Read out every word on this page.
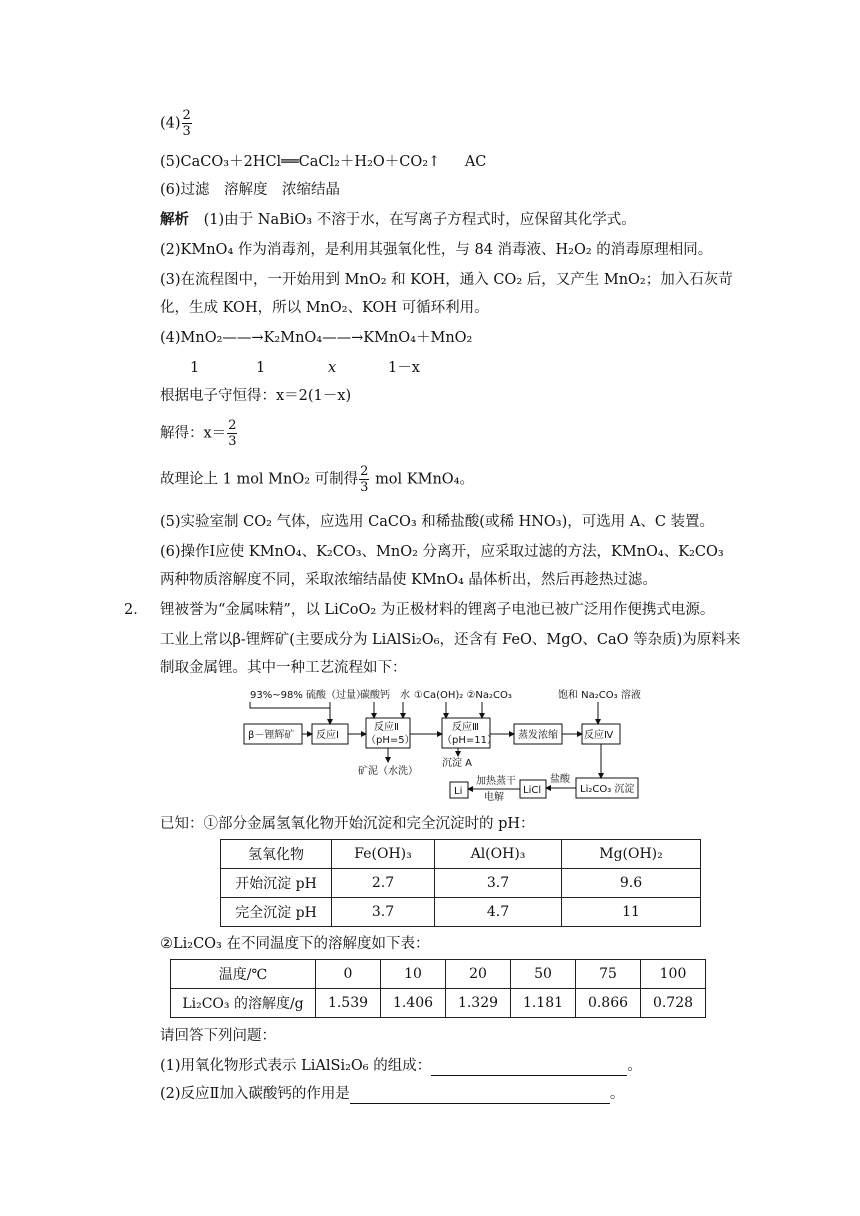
$(4) \frac{2}{3}$
(5)CaCO₃＋2HCl══CaCl₂＋H₂O＋CO₂↑ AC
(6)过滤　溶解度　浓缩结晶
解析 (1)由于 NaBiO₃ 不溶于水，在写离子方程式时，应保留其化学式。
(2)KMnO₄ 作为消毒剂，是利用其强氧化性，与 84 消毒液、H₂O₂ 的消毒原理相同。
(3)在流程图中，一开始用到 MnO₂ 和 KOH，通入 CO₂ 后，又产生 MnO₂；加入石灰苛
化，生成 KOH，所以 MnO₂、KOH 可循环利用。
(4)MnO₂——→K₂MnO₄——→KMnO₄＋MnO₂
1	1	x	1－x
根据电子守恒得：x＝2(1－x)
解得：$x= \frac{2}{3}$
故理论上 1 mol MnO₂ 可制得 $\frac{2}{3}$ mol KMnO₄。
(5)实验室制 CO₂ 气体，应选用 CaCO₃ 和稀盐酸(或稀 HNO₃)，可选用 A、C 装置。
(6)操作Ⅰ应使 KMnO₄、K₂CO₃、MnO₂ 分离开，应采取过滤的方法，KMnO₄、K₂CO₃
两种物质溶解度不同，采取浓缩结晶使 KMnO₄ 晶体析出，然后再趁热过滤。
2． 锂被誉为“金属味精”，以 LiCoO₂ 为正极材料的锂离子电池已被广泛用作便携式电源。
工业上常以β-锂辉矿(主要成分为 LiAlSi₂O₆，还含有 FeO、MgO、CaO 等杂质)为原料来
制取金属锂。其中一种工艺流程如下：
93%~98% 硫酸（过量）
碳酸钙 水 ①Ca(OH)₂ ②Na₂CO₃	饱和 Na₂CO₃ 溶液
β－锂辉矿 反应Ⅰ
反应Ⅱ
（pH=5）
反应Ⅲ
（pH=11） 蒸发浓缩	反应Ⅳ
矿泥（水洗）
沉淀 A
Li₂CO₃ 沉淀
盐酸
LiCl
加热蒸干
电解
Li
已知：①部分金属氢氧化物开始沉淀和完全沉淀时的 pH：
氢氧化物	Fe(OH)₃	Al(OH)₃	Mg(OH)₂
开始沉淀 pH	2.7	3.7	9.6
完全沉淀 pH	3.7	4.7	11
②Li₂CO₃ 在不同温度下的溶解度如下表：
温度/℃	0	10	20	50	75	100
Li₂CO₃ 的溶解度/g	1.539	1.406	1.329	1.181	0.866	0.728
请回答下列问题：
(1)用氧化物形式表示 LiAlSi₂O₆ 的组成：	。
(2)反应Ⅱ加入碳酸钙的作用是	。
